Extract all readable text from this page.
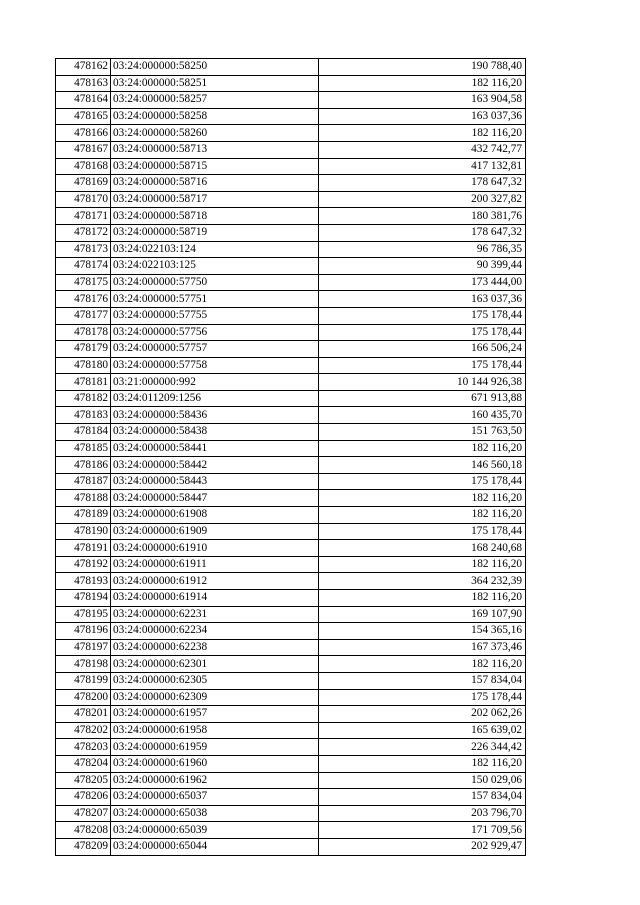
478162	03:24:000000:58250	190 788,40
478163	03:24:000000:58251	182 116,20
478164	03:24:000000:58257	163 904,58
478165	03:24:000000:58258	163 037,36
478166	03:24:000000:58260	182 116,20
478167	03:24:000000:58713	432 742,77
478168	03:24:000000:58715	417 132,81
478169	03:24:000000:58716	178 647,32
478170	03:24:000000:58717	200 327,82
478171	03:24:000000:58718	180 381,76
478172	03:24:000000:58719	178 647,32
478173	03:24:022103:124	96 786,35
478174	03:24:022103:125	90 399,44
478175	03:24:000000:57750	173 444,00
478176	03:24:000000:57751	163 037,36
478177	03:24:000000:57755	175 178,44
478178	03:24:000000:57756	175 178,44
478179	03:24:000000:57757	166 506,24
478180	03:24:000000:57758	175 178,44
478181	03:21:000000:992	10 144 926,38
478182	03:24:011209:1256	671 913,88
478183	03:24:000000:58436	160 435,70
478184	03:24:000000:58438	151 763,50
478185	03:24:000000:58441	182 116,20
478186	03:24:000000:58442	146 560,18
478187	03:24:000000:58443	175 178,44
478188	03:24:000000:58447	182 116,20
478189	03:24:000000:61908	182 116,20
478190	03:24:000000:61909	175 178,44
478191	03:24:000000:61910	168 240,68
478192	03:24:000000:61911	182 116,20
478193	03:24:000000:61912	364 232,39
478194	03:24:000000:61914	182 116,20
478195	03:24:000000:62231	169 107,90
478196	03:24:000000:62234	154 365,16
478197	03:24:000000:62238	167 373,46
478198	03:24:000000:62301	182 116,20
478199	03:24:000000:62305	157 834,04
478200	03:24:000000:62309	175 178,44
478201	03:24:000000:61957	202 062,26
478202	03:24:000000:61958	165 639,02
478203	03:24:000000:61959	226 344,42
478204	03:24:000000:61960	182 116,20
478205	03:24:000000:61962	150 029,06
478206	03:24:000000:65037	157 834,04
478207	03:24:000000:65038	203 796,70
478208	03:24:000000:65039	171 709,56
478209	03:24:000000:65044	202 929,47
